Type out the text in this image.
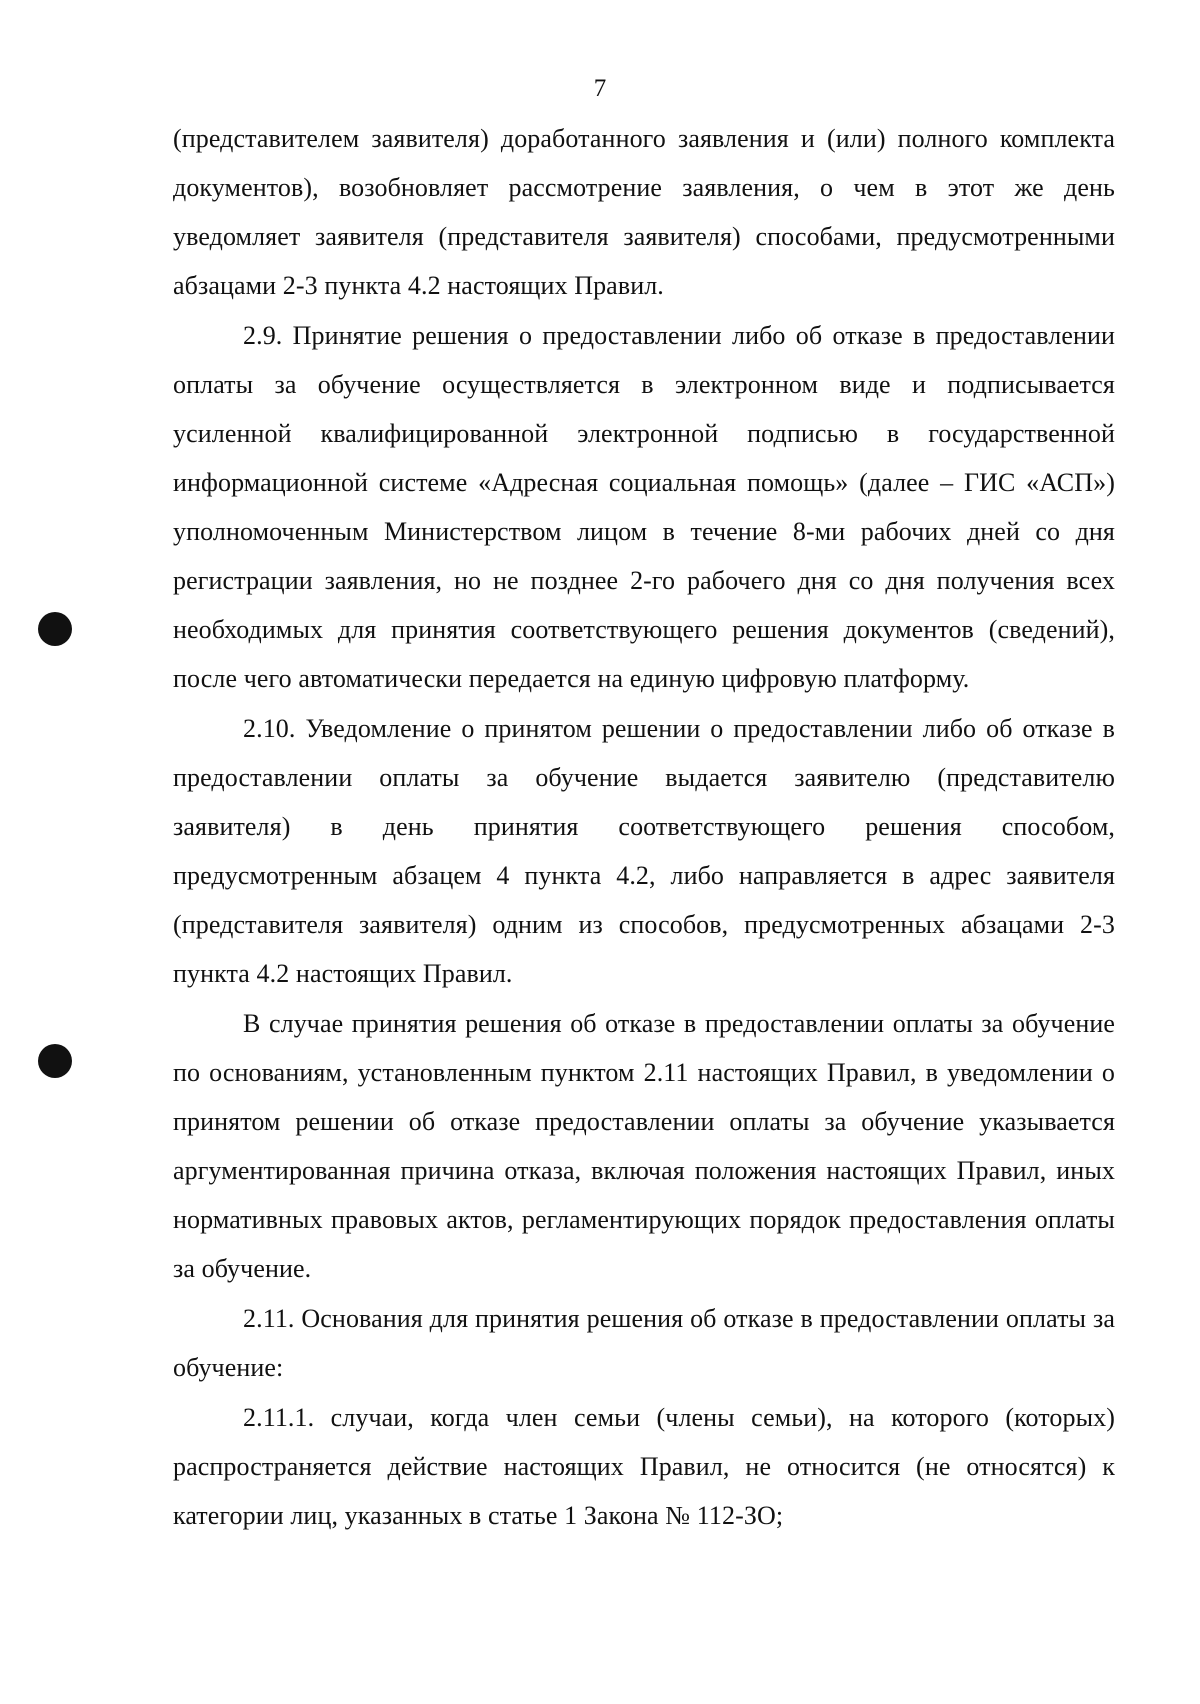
7

(представителем заявителя) доработанного заявления и (или) полного комплекта документов), возобновляет рассмотрение заявления, о чем в этот же день уведомляет заявителя (представителя заявителя) способами, предусмотренными абзацами 2-3 пункта 4.2 настоящих Правил.

2.9. Принятие решения о предоставлении либо об отказе в предоставлении оплаты за обучение осуществляется в электронном виде и подписывается усиленной квалифицированной электронной подписью в государственной информационной системе «Адресная социальная помощь» (далее – ГИС «АСП») уполномоченным Министерством лицом в течение 8-ми рабочих дней со дня регистрации заявления, но не позднее 2-го рабочего дня со дня получения всех необходимых для принятия соответствующего решения документов (сведений), после чего автоматически передается на единую цифровую платформу.

2.10. Уведомление о принятом решении о предоставлении либо об отказе в предоставлении оплаты за обучение выдается заявителю (представителю заявителя) в день принятия соответствующего решения способом, предусмотренным абзацем 4 пункта 4.2, либо направляется в адрес заявителя (представителя заявителя) одним из способов, предусмотренных абзацами 2-3 пункта 4.2 настоящих Правил.

В случае принятия решения об отказе в предоставлении оплаты за обучение по основаниям, установленным пунктом 2.11 настоящих Правил, в уведомлении о принятом решении об отказе предоставлении оплаты за обучение указывается аргументированная причина отказа, включая положения настоящих Правил, иных нормативных правовых актов, регламентирующих порядок предоставления оплаты за обучение.

2.11. Основания для принятия решения об отказе в предоставлении оплаты за обучение:

2.11.1. случаи, когда член семьи (члены семьи), на которого (которых) распространяется действие настоящих Правил, не относится (не относятся) к категории лиц, указанных в статье 1 Закона № 112-ЗО;
